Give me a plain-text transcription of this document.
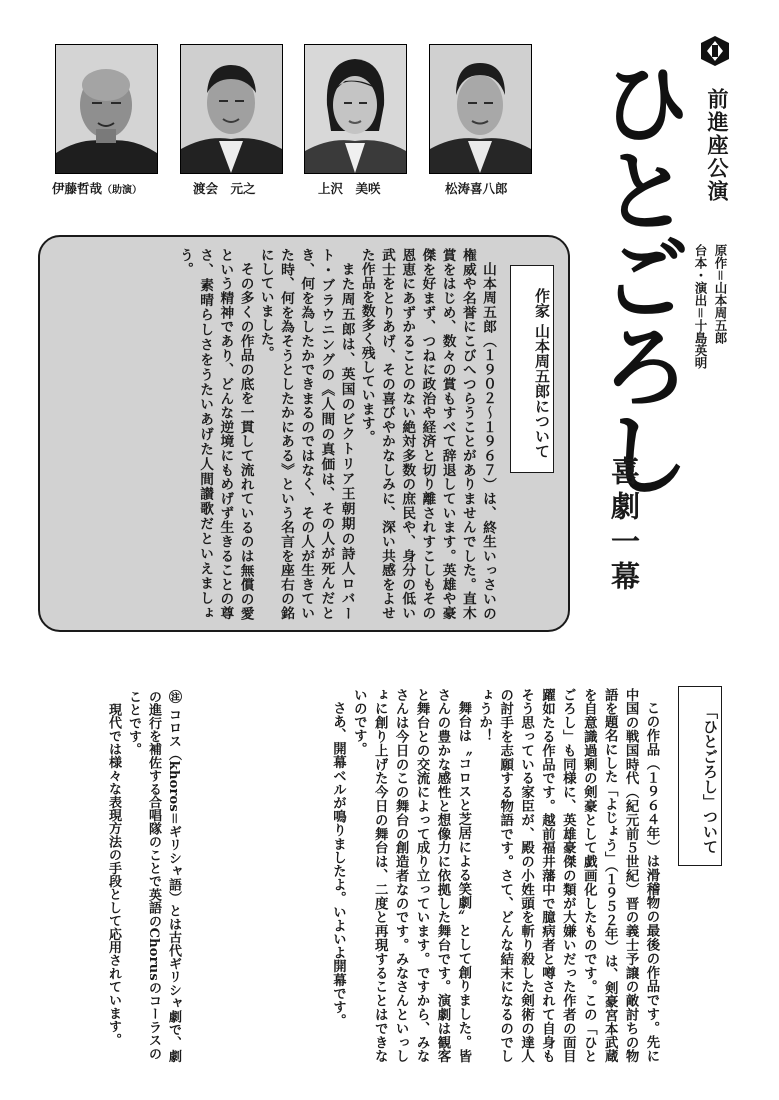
伊藤哲哉（助演）	渡会　元之	上沢　美咲	松涛喜八郎	前進座公演
原作＝山本周五郎
台本・演出＝十島英明
ひとごろし
喜劇一幕
作家 山本周五郎について

山本周五郎（１９０２〜１９６７）は、終生いっさいの権威や名誉にこびへつらうことがありませんでした。直木賞をはじめ、数々の賞もすべて辞退しています。英雄や豪傑を好まず、つねに政治や経済と切り離されすこしもその恩恵にあずかることのない絶対多数の庶民や、身分の低い武士をとりあげ、その喜びやかなしみに、深い共感をよせた作品を数多く残しています。

また周五郎は、英国のビクトリア王朝期の詩人ロバート・ブラウニングの《人間の真価は、その人が死んだとき、何を為したかできまるのではなく、その人が生きていた時、何を為そうとしたかにある》という名言を座右の銘にしていました。

その多くの作品の底を一貫して流れているのは無償の愛という精神であり、どんな逆境にもめげず生きることの尊さ、素晴らしさをうたいあげた人間讃歌だといえましょう。

「ひとごろし」ついて

この作品（１９６４年）は滑稽物の最後の作品です。先に中国の戦国時代（紀元前５世紀）晋の義士予譲の敵討ちの物語を題名にした「よじょう」（１９５２年）は、剣豪宮本武蔵を自意識過剰の剣豪として戯画化したものです。この「ひとごろし」も同様に、英雄豪傑の類が大嫌いだった作者の面目躍如たる作品です。越前福井藩中で臆病者と噂されて自身もそう思っている家臣が、殿の小姓頭を斬り殺した剣術の達人の討手を志願する物語です。さて、どんな結末になるのでしょうか！

舞台は〝コロスと芝居による笑劇〟として創りました。皆さんの豊かな感性と想像力に依拠した舞台です。演劇は観客と舞台との交流によって成り立っています。ですから、みなさんは今日のこの舞台の創造者なのです。みなさんといっしょに創り上げた今日の舞台は、二度と再現することはできないのです。

さあ、開幕ベルが鳴りましたよ。いよいよ開幕です。

㊟ コロス（khoros＝ギリシャ語）とは古代ギリシャ劇で、劇の進行を補佐する合唱隊のことで英語のChorusのコーラスのことです。

現代では様々な表現方法の手段として応用されています。
